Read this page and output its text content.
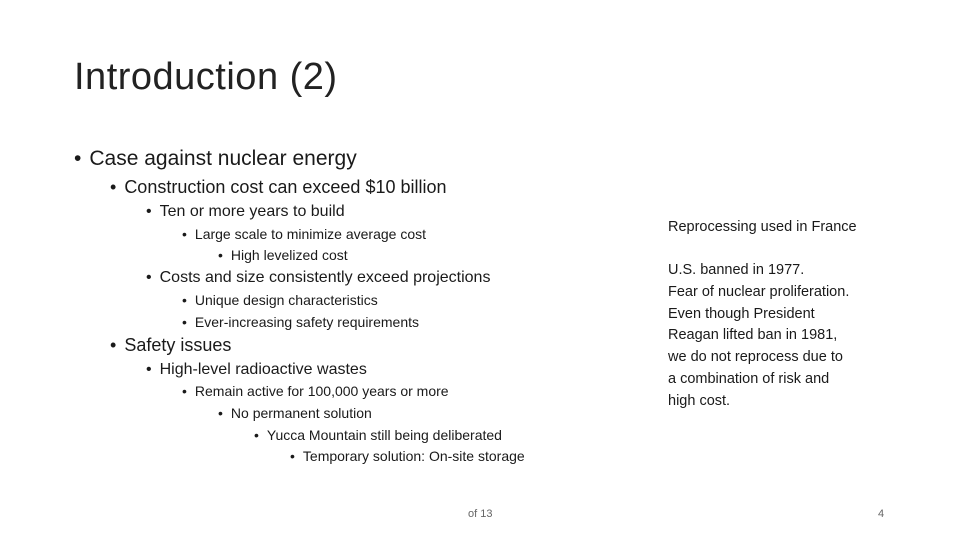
Introduction (2)
• Case against nuclear energy
• Construction cost can exceed $10 billion
• Ten or more years to build
• Large scale to minimize average cost
• High levelized cost
• Costs and size consistently exceed projections
• Unique design characteristics
• Ever-increasing safety requirements
• Safety issues
• High-level radioactive wastes
• Remain active for 100,000 years or more
• No permanent solution
• Yucca Mountain still being deliberated
• Temporary solution: On-site storage
Reprocessing used in France
U.S. banned in 1977.
Fear of nuclear proliferation.
Even though President
Reagan lifted ban in 1981,
we do not reprocess due to
a combination of risk and
high cost.
of 13	4
